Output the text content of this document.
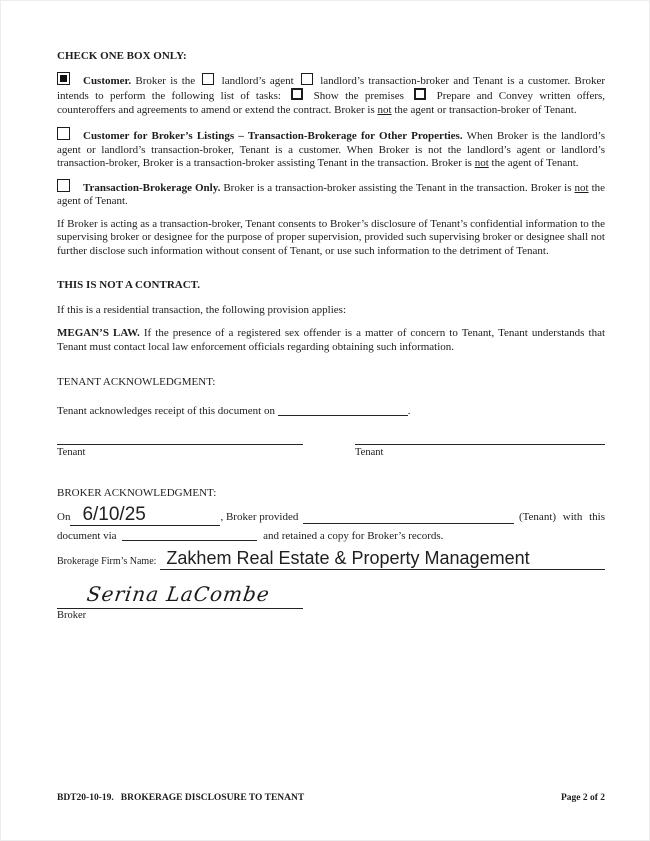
CHECK ONE BOX ONLY:

Customer. Broker is the landlord’s agent landlord’s transaction-broker and Tenant is a customer. Broker intends to perform the following list of tasks:	Show the premises	Prepare and Convey written offers, counteroffers and agreements to amend or extend the contract. Broker is not the agent or transaction-broker of Tenant.

Customer for Broker’s Listings – Transaction-Brokerage for Other Properties. When Broker is the landlord’s agent or landlord’s transaction-broker, Tenant is a customer. When Broker is not the landlord’s agent or landlord’s transaction-broker, Broker is a transaction-broker assisting Tenant in the transaction. Broker is not the agent of Tenant.

Transaction-Brokerage Only. Broker is a transaction-broker assisting the Tenant in the transaction. Broker is not the agent of Tenant.

If Broker is acting as a transaction-broker, Tenant consents to Broker’s disclosure of Tenant’s confidential information to the supervising broker or designee for the purpose of proper supervision, provided such supervising broker or designee shall not further disclose such information without consent of Tenant, or use such information to the detriment of Tenant.

THIS IS NOT A CONTRACT.

If this is a residential transaction, the following provision applies:

MEGAN’S LAW. If the presence of a registered sex offender is a matter of concern to Tenant, Tenant understands that Tenant must contact local law enforcement officials regarding obtaining such information.

TENANT ACKNOWLEDGMENT:

Tenant acknowledges receipt of this document on	.

Tenant	Tenant

BROKER ACKNOWLEDGMENT:

On 6/10/25	, Broker provided	(Tenant) with this

document via	and retained a copy for Broker’s records.

Brokerage Firm’s Name: Zakhem Real Estate & Property Management
Serina LaCombe

Broker

BDT20-10-19. BROKERAGE DISCLOSURE TO TENANT	Page 2 of 2
